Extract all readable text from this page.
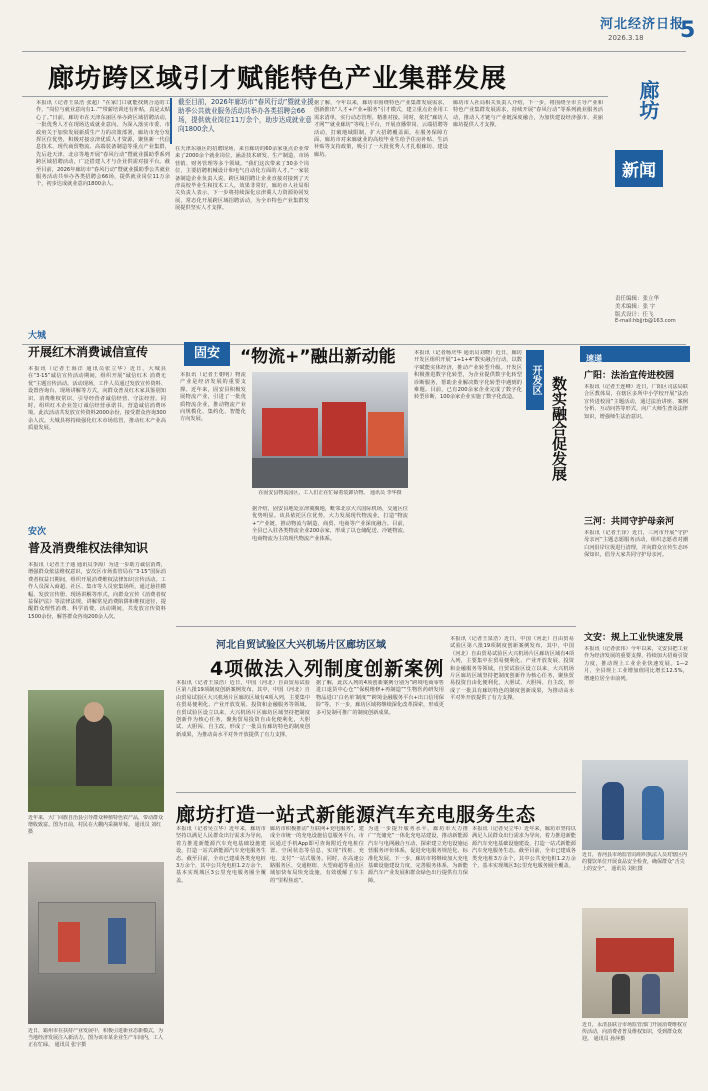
河北经济日报
2026.3.18 5
廊坊跨区域引才赋能特色产业集群发展
本报讯（记者王泉浩 张超）“在家门口就能找到合适的工作，“岗位与就业意向有1..”“带薪培训还有补贴，真是太贴心了。”日前，廊坊市在天津东丽区举办跨区域招聘活动，一批优秀人才在现场达成就业意向。为深入落实市委、市政府关于加快发展新质生产力的决策部署，廊坊市充分发挥区位优势，积极对接京津优质人才资源，聚焦新一代信息技术、现代商贸物流、高端装备制造等重点产业集群，先后赴天津、北京等地开展“春风行动”暨就业援助季系列跨区域招聘活动，广泛搭建人才与企业供需对接平台。截至目前，2026年廊坊市“春风行动”暨就业援助季公共就业服务活动共举办各类招聘会66场，提供就业岗位11万余个，初步达成就业意向1800余人。
在天津东丽区的招聘现场，来自廊坊的60余家重点企业带来了2000余个就业岗位，涵盖技术研发、生产制造、市场营销、财务管理等多个领域。“我们这次带来了30多个岗位，主要招聘机械设计和电气自动化方面的人才。”一家装备制造企业负责人说，跨区域招聘让企业直接对接到了天津高校毕业生和技术工人，效果非常好。廊坊市人社局相关负责人表示，下一步将持续深化京津冀人力资源协同发展，常态化开展跨区域招聘活动，为全市特色产业集群发展提供坚实人才支撑。
据了解，今年以来，廊坊市围绕特色产业集群发展需求，创新推出“人才+产业+服务”引才模式，建立重点企业用工需求清单，实行动态管理、精准对接。同时，依托“廊坊人才网”“就业廊坊”等线上平台，开展直播带岗、云端招聘等活动，打破地域限制，扩大招聘覆盖面。在服务保障方面，廊坊市对来廊就业的高校毕业生给予住房补贴、生活补贴等支持政策，吸引了一大批优秀人才扎根廊坊、建设廊坊。
廊坊市人社局相关负责人介绍，下一步，将围绕全市主导产业和特色产业集群发展需求，持续开展“春风行动”等系列就业服务活动，推动人才链与产业链深度融合，为加快建设经济强市、美丽廊坊提供人才支撑。
截至目前，2026年廊坊市“春风行动”暨就业援助季公共就业服务活动共举办各类招聘会66场，提供就业岗位11万余个，助步达成就业意向1800余人
廊坊
新闻
责任编辑：张立华
美术编辑：张 宇
版式设计：任飞
E-mail:hbjjrb@163.com
大城
开展红木消费诚信宣传
本报讯（记者王海洋 通讯员张立华）近日，大城县在“3·15”诚信宣传活动期间，组织开展“诚信红木 消费无忧”主题宣传活动。活动现场，工作人员通过发放宣传资料、设置咨询台、现场讲解等方式，向群众普及红木家具鉴别知识、消费维权常识，引导经营者诚信经营、守法经营。同时，组织红木企业签订诚信经营承诺书，营造诚信消费环境。此次活动共发放宣传资料2000余份，接受群众咨询300余人次。大城县将持续强化红木市场监管，推动红木产业高质量发展。
安次
普及消费维权法律知识
本报讯（记者王子通 通讯员李海）为进一步助力诚信消费，增强群众依法维权意识，安次区市场监管局在“3·15”国际消费者权益日期间，组织开展消费维权法律知识宣传活动。工作人员深入商超、社区、集市等人员密集场所，通过悬挂横幅、发放宣传册、现场讲解等形式，向群众宣传《消费者权益保护法》等法律法规，讲解常见消费陷阱和维权途径，提醒群众理性消费、科学消费。活动期间，共发放宣传资料1500余份，解答群众咨询200余人次。
近年来，大厂回族自治县引导群众种植特色农产品，带动群众增收致富。图为日前，村民在大棚内采摘草莓。 通讯员 刘红摄
近日，霸州市在扶持产业发展中，积极引进新业态新模式，为当地经济发展注入新活力。图为该市某企业生产车间内，工人正在忙碌。 通讯员 张宇摄
固安	“物流+”融出新动能
本报讯（记者王朝明）物流产业是经济发展的重要支撑。近年来，固安县积极发展物流产业，引进了一批优质物流企业，推动物流产业向规模化、集约化、智能化方向发展。
在固安县物流园区，工人们正在忙碌着装卸货物。 通讯员 李华摄
据介绍，固安县地处京津冀腹地，毗邻北京大兴国际机场，交通区位优势明显。该县依托区位优势，大力发展现代物流业，打造“物流+”产业链，推动物流与制造、商贸、电商等产业深度融合。目前，全县已入驻各类物流企业200余家，形成了以仓储配送、冷链物流、电商物流为主的现代物流产业体系。
本报讯（记者杨庆华 通讯员刘晓）近日，廊坊开发区组织开展“1+1+4”数实融合行动，以数字赋能实体经济，推动产业转型升级。开发区积极推进数字化转型，为企业提供数字化转型诊断服务，帮助企业解决数字化转型中遇到的难题。目前，已有200余家企业完成了数字化转型诊断，100余家企业实施了数字化改造。
开发区 数实融合促发展
速递
广阳：法治宣传进校园
本报讯（记者王连峰）近日，广阳区司法局联合区教体局，在辖区多所中小学校开展“法治宣传进校园”主题活动，通过法治讲座、案例分析、互动问答等形式，向广大师生普及法律知识，增强师生法治意识。
三河：共同守护母亲河
本报讯（记者王泽）近日，三河市开展“守护母亲河”主题志愿服务活动，组织志愿者对潮白河沿岸垃圾进行清理，并向群众宣传生态环保知识，倡导大家共同守护母亲河。
文安：规上工业快速发展
本报讯（记者张伟）今年以来，文安县把工业作为经济发展的重要支撑，持续加大招商引资力度，推动规上工业企业快速发展。1—2月，全县规上工业增加值同比增长12.5%，增速位居全市前列。
河北自贸试验区大兴机场片区廊坊区域
4项做法入列制度创新案例
本报讯（记者王泉浩）近日，中国（河北）自由贸易试验区第八批19项制度创新案例发布，其中，中国（河北）自由贸易试验区大兴机场片区廊坊区域有4项入列，主要集中在贸易便利化、产业开放发展、投资和金融服务等领域。自贸试验区设立以来，大兴机场片区廊坊区域坚持把制度创新作为核心任务，聚焦贸易投资自由化便利化，大胆试、大胆闯、自主改，形成了一批具有廊坊特色的制度创新成果，为推动高水平对外开放提供了有力支撑。
据了解，此次入列的4项创新案例分别为“跨境电商零售进口退货中心仓”“保税维修+再制造”“生物医药研发用物品进口‘白名单’制度”“跨境金融服务平台+出口信用保险”等。下一步，廊坊区域将继续深化改革探索，形成更多可复制可推广的制度创新成果。
本报讯（记者王泉浩）近日，中国（河北）自由贸易试验区第八批19项制度创新案例发布，其中，中国（河北）自由贸易试验区大兴机场片区廊坊区域有4项入列，主要集中在贸易便利化、产业开放发展、投资和金融服务等领域。自贸试验区设立以来，大兴机场片区廊坊区域坚持把制度创新作为核心任务，聚焦贸易投资自由化便利化，大胆试、大胆闯、自主改，形成了一批具有廊坊特色的制度创新成果，为推动高水平对外开放提供了有力支撑。
廊坊打造一站式新能源汽车充电服务生态
本报讯（记者吴立华）近年来，廊坊市坚持以满足人民群众出行需求为导向，着力推进新能源汽车充电基础设施建设，打造一站式新能源汽车充电服务生态。截至目前，全市已建成各类充电桩3万余个，其中公共充电桩1.2万余个，基本实现城区3公里充电服务圈全覆盖。
廊坊市积极推动“互联网+充电服务”，建成全市统一的充电设施信息服务平台，市民通过手机App即可查询附近充电桩位置、空闲状态等信息，实现“找桩、充电、支付”一站式服务。同时，在高速公路服务区、交通枢纽、大型商超等重点区域加快布局快充设施，有效缓解了车主的“里程焦虑”。
为进一步提升服务水平，廊坊市大力推广“光储充”一体化充电站建设，推动新能源汽车与电网融合互动，探索建立充电设施运营服务评价体系，促进充电服务规范化、标准化发展。下一步，廊坊市将继续加大充电基础设施建设力度，完善服务体系，为新能源汽车产业发展和群众绿色出行提供有力保障。
本报讯（记者吴立华）近年来，廊坊市坚持以满足人民群众出行需求为导向，着力推进新能源汽车充电基础设施建设，打造一站式新能源汽车充电服务生态。截至目前，全市已建成各类充电桩3万余个，其中公共充电桩1.2万余个，基本实现城区3公里充电服务圈全覆盖。
近日，香河县市场监管局组织执法人员对辖区内的餐饮单位开展食品安全检查，确保群众“舌尖上的安全”。 通讯员 刘红摄
近日，永清县联合市场监管部门开展消费维权宣传活动，向消费者普及维权知识，受到群众欢迎。 通讯员 孙萍摄
